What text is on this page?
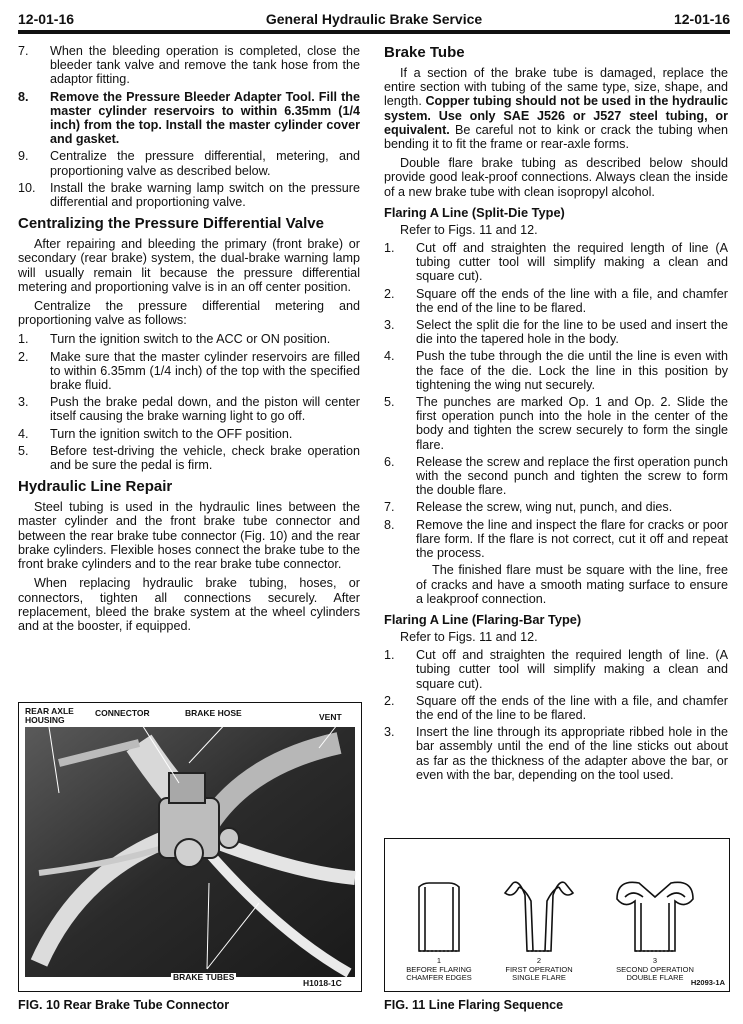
12-01-16	General Hydraulic Brake Service	12-01-16
7.	When the bleeding operation is completed, close the bleeder tank valve and remove the tank hose from the adaptor fitting.
8.	Remove the Pressure Bleeder Adapter Tool. Fill the master cylinder reservoirs to within 6.35mm (1/4 inch) from the top. Install the master cylinder cover and gasket.
9.	Centralize the pressure differential, metering, and proportioning valve as described below.
10.	Install the brake warning lamp switch on the pressure differential and proportioning valve.
Centralizing the Pressure Differential Valve

After repairing and bleeding the primary (front brake) or secondary (rear brake) system, the dual-brake warning lamp will usually remain lit because the pressure differential metering and proportioning valve is in an off center position.

Centralize the pressure differential metering and proportioning valve as follows:

1.	Turn the ignition switch to the ACC or ON position.
2.	Make sure that the master cylinder reservoirs are filled to within 6.35mm (1/4 inch) of the top with the specified brake fluid.
3.	Push the brake pedal down, and the piston will center itself causing the brake warning light to go off.
4.	Turn the ignition switch to the OFF position.
5.	Before test-driving the vehicle, check brake operation and be sure the pedal is firm.
Hydraulic Line Repair

Steel tubing is used in the hydraulic lines between the master cylinder and the front brake tube connector and between the rear brake tube connector (Fig. 10) and the rear brake cylinders. Flexible hoses connect the brake tube to the front brake cylinders and to the rear brake tube connector.

When replacing hydraulic brake tubing, hoses, or connectors, tighten all connections securely. After replacement, bleed the brake system at the wheel cylinders and at the booster, if equipped.

REAR AXLE HOUSING
CONNECTOR	BRAKE HOSE	VENT
BRAKE TUBES
H1018-1C
FIG. 10 Rear Brake Tube Connector
Brake Tube

If a section of the brake tube is damaged, replace the entire section with tubing of the same type, size, shape, and length. Copper tubing should not be used in the hydraulic system. Use only SAE J526 or J527 steel tubing, or equivalent. Be careful not to kink or crack the tubing when bending it to fit the frame or rear-axle forms.

Double flare brake tubing as described below should provide good leak-proof connections. Always clean the inside of a new brake tube with clean isopropyl alcohol.

Flaring A Line (Split-Die Type)

Refer to Figs. 11 and 12.

1.	Cut off and straighten the required length of line (A tubing cutter tool will simplify making a clean and square cut).
2.	Square off the ends of the line with a file, and chamfer the end of the line to be flared.
3.	Select the split die for the line to be used and insert the die into the tapered hole in the body.
4.	Push the tube through the die until the line is even with the face of the die. Lock the line in this position by tightening the wing nut securely.
5.	The punches are marked Op. 1 and Op. 2. Slide the first operation punch into the hole in the center of the body and tighten the screw securely to form the single flare.
6.	Release the screw and replace the first operation punch with the second punch and tighten the screw to form the double flare.
7.	Release the screw, wing nut, punch, and dies.
8.	Remove the line and inspect the flare for cracks or poor flare form. If the flare is not correct, cut it off and repeat the process.

The finished flare must be square with the line, free of cracks and have a smooth mating surface to ensure a leakproof connection.

Flaring A Line (Flaring-Bar Type)

Refer to Figs. 11 and 12.

1.	Cut off and straighten the required length of line. (A tubing cutter tool will simplify making a clean and square cut).
2.	Square off the ends of the line with a file, and chamfer the end of the line to be flared.
3.	Insert the line through its appropriate ribbed hole in the bar assembly until the end of the line sticks out about as far as the thickness of the adapter above the bar, or even with the bar, depending on the tool used.
1
BEFORE FLARING
CHAMFER EDGES
2
FIRST OPERATION
SINGLE FLARE
3
SECOND OPERATION
DOUBLE FLARE
H2093-1A
FIG. 11 Line Flaring Sequence
